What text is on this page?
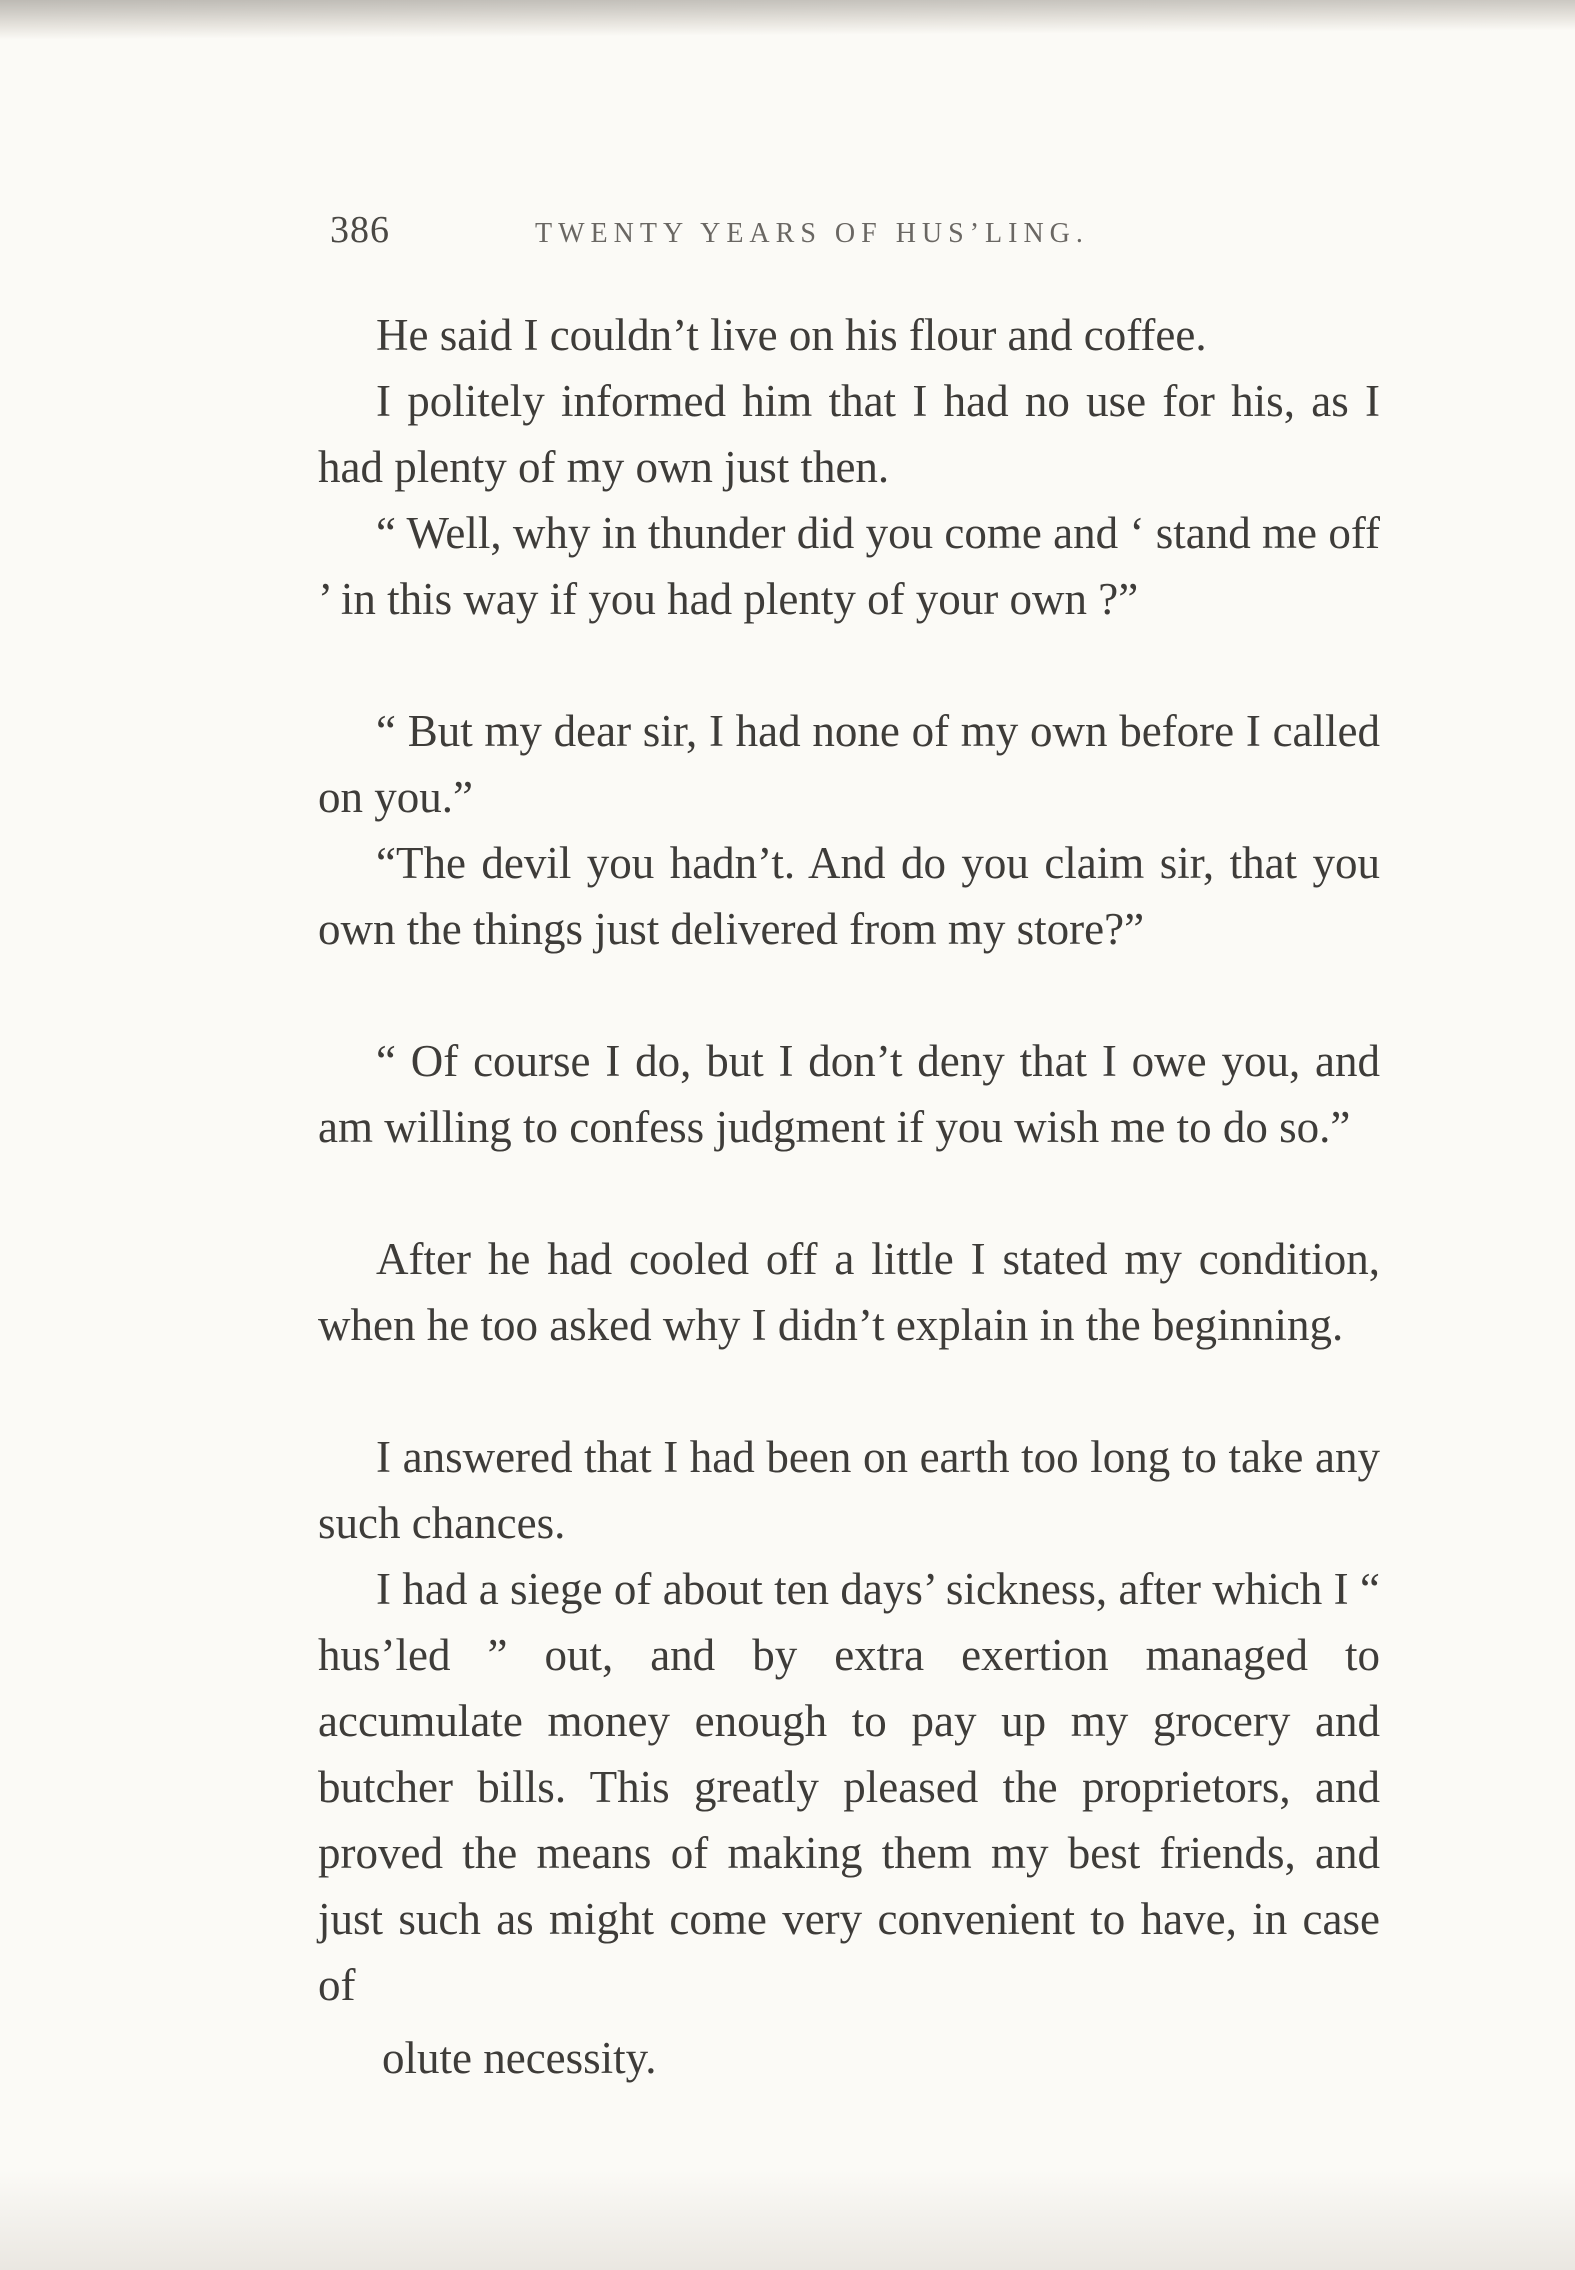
386	TWENTY YEARS OF HUS’LING.

He said I couldn’t live on his flour and coffee.

I politely informed him that I had no use for his, as I had plenty of my own just then.

“ Well, why in thunder did you come and ‘ stand me off ’ in this way if you had plenty of your own ?”

“ But my dear sir, I had none of my own before I called on you.”

“The devil you hadn’t. And do you claim sir, that you own the things just delivered from my store?”

“ Of course I do, but I don’t deny that I owe you, and am willing to confess judgment if you wish me to do so.”

After he had cooled off a little I stated my condition, when he too asked why I didn’t explain in the beginning.

I answered that I had been on earth too long to take any such chances.

I had a siege of about ten days’ sickness, after which I “ hus’led ” out, and by extra exertion managed to accumulate money enough to pay up my grocery and butcher bills. This greatly pleased the proprietors, and proved the means of making them my best friends, and just such as might come very convenient to have, in case of

olute necessity.
